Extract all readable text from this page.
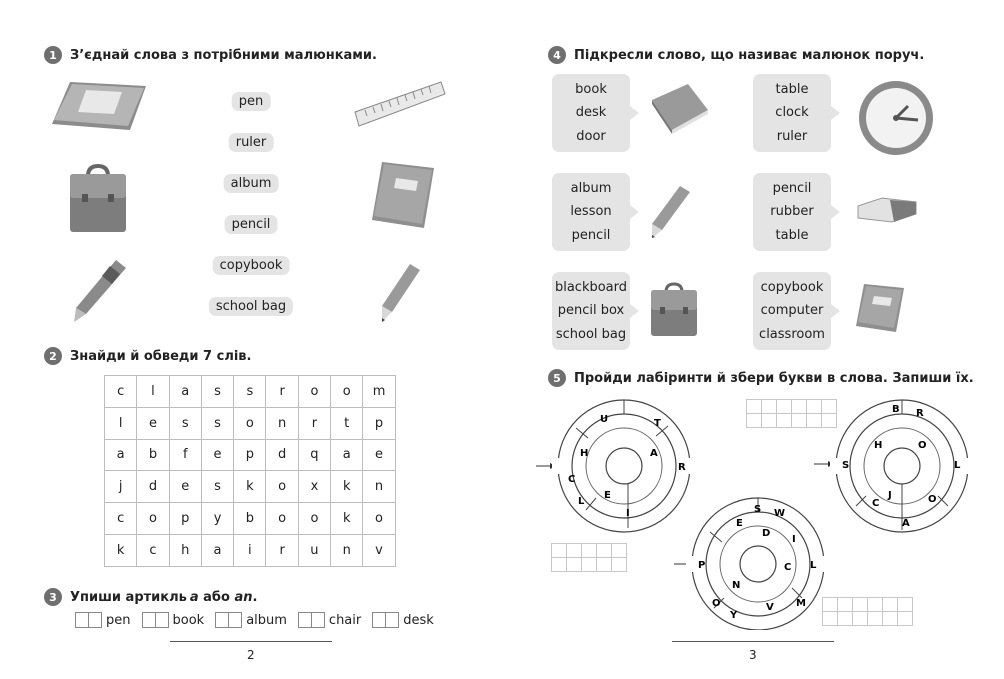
1	З’єднай слова з потрібними малюнками.
pen
ruler
album
pencil
copybook
school bag
2	Знайди й обведи 7 слів.
c	l	a	s	s	r	o	o	m
l	e	s	s	o	n	r	t	p
a	b	f	e	p	d	q	a	e
j	d	e	s	k	o	x	k	n
c	o	p	y	b	o	o	k	o
k	c	h	a	i	r	u	n	v
3	Упиши артикль a або an .
pen	book	album	chair	desk
2
4	Підкресли слово, що називає малюнок поруч.
book
desk
door
table
clock
ruler
album
lesson
pencil
pencil
rubber
table
blackboard
pencil box
school bag
copybook
computer
classroom
5	Пройди лабіринти й збери букви в слова. Запиши їх.
U	T
H	A
R
C
E
L
I	S W
E
D
I
P	C L
N
O	V M
Y
B R
H	O
S	L
J
C	O
A
3
